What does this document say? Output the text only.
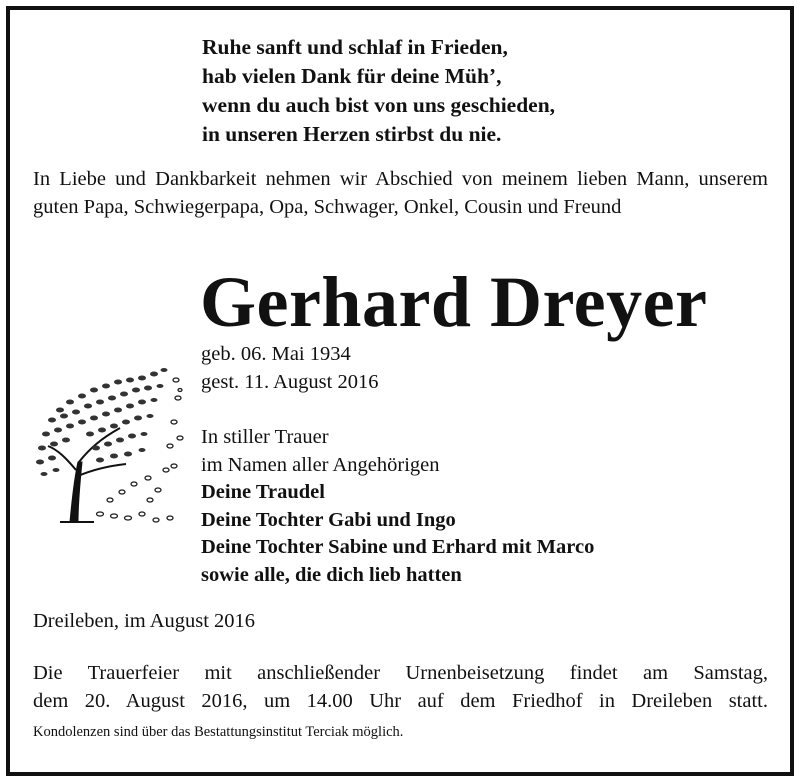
Ruhe sanft und schlaf in Frieden,
hab vielen Dank für deine Müh’,
wenn du auch bist von uns geschieden,
in unseren Herzen stirbst du nie.
In Liebe und Dankbarkeit nehmen wir Abschied von meinem lieben Mann, unserem guten Papa, Schwiegerpapa, Opa, Schwager, Onkel, Cousin und Freund
Gerhard Dreyer
geb. 06. Mai 1934
gest. 11. August 2016
In stiller Trauer
im Namen aller Angehörigen
Deine Traudel
Deine Tochter Gabi und Ingo
Deine Tochter Sabine und Erhard mit Marco
sowie alle, die dich lieb hatten
Dreileben, im August 2016
Die Trauerfeier mit anschließender Urnenbeisetzung findet am Samstag,
dem 20. August 2016, um 14.00 Uhr auf dem Friedhof in Dreileben statt.
Kondolenzen sind über das Bestattungsinstitut Terciak möglich.
